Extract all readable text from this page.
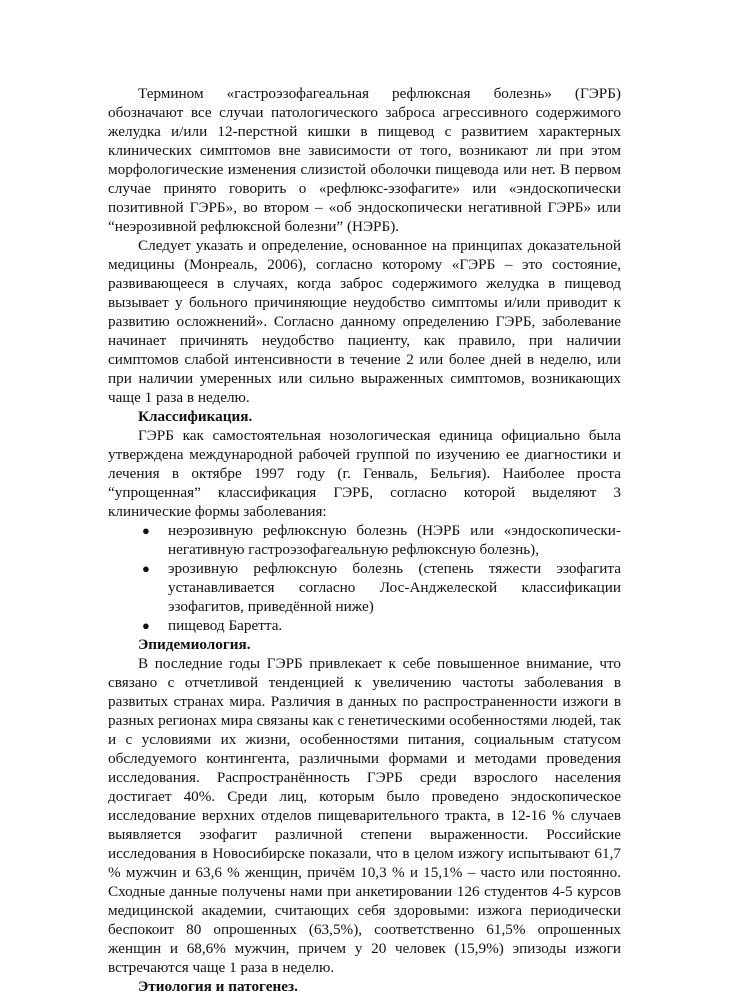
Термином «гастроэзофагеальная рефлюксная болезнь» (ГЭРБ) обозначают все случаи патологического заброса агрессивного содержимого желудка и/или 12-перстной кишки в пищевод с развитием характерных клинических симптомов вне зависимости от того, возникают ли при этом морфологические изменения слизистой оболочки пищевода или нет. В первом случае принято говорить о «рефлюкс-эзофагите» или «эндоскопически позитивной ГЭРБ», во втором – «об эндоскопически негативной ГЭРБ» или “неэрозивной рефлюксной болезни” (НЭРБ).

Следует указать и определение, основанное на принципах доказательной медицины (Монреаль, 2006), согласно которому «ГЭРБ – это состояние, развивающееся в случаях, когда заброс содержимого желудка в пищевод вызывает у больного причиняющие неудобство симптомы и/или приводит к развитию осложнений». Согласно данному определению ГЭРБ, заболевание начинает причинять неудобство пациенту, как правило, при наличии симптомов слабой интенсивности в течение 2 или более дней в неделю, или при наличии умеренных или сильно выраженных симптомов, возникающих чаще 1 раза в неделю.

Классификация.

ГЭРБ как самостоятельная нозологическая единица официально была утверждена международной рабочей группой по изучению ее диагностики и лечения в октябре 1997 году (г. Генваль, Бельгия). Наиболее проста “упрощенная” классификация ГЭРБ, согласно которой выделяют 3 клинические формы заболевания:

● неэрозивную рефлюксную болезнь (НЭРБ или «эндоскопически-негативную гастроэзофагеальную рефлюксную болезнь),
● эрозивную рефлюксную болезнь (степень тяжести эзофагита устанавливается согласно Лос-Анджелеской классификации эзофагитов, приведённой ниже)
● пищевод Баретта.

Эпидемиология.

В последние годы ГЭРБ привлекает к себе повышенное внимание, что связано с отчетливой тенденцией к увеличению частоты заболевания в развитых странах мира. Различия в данных по распространенности изжоги в разных регионах мира связаны как с генетическими особенностями людей, так и с условиями их жизни, особенностями питания, социальным статусом обследуемого контингента, различными формами и методами проведения исследования. Распространённость ГЭРБ среди взрослого населения достигает 40%. Среди лиц, которым было проведено эндоскопическое исследование верхних отделов пищеварительного тракта, в 12-16 % случаев выявляется эзофагит различной степени выраженности. Российские исследования в Новосибирске показали, что в целом изжогу испытывают 61,7 % мужчин и 63,6 % женщин, причём 10,3 % и 15,1% – часто или постоянно. Сходные данные получены нами при анкетировании 126 студентов 4-5 курсов медицинской академии, считающих себя здоровыми: изжога периодически беспокоит 80 опрошенных (63,5%), соответственно 61,5% опрошенных женщин и 68,6% мужчин, причем у 20 человек (15,9%) эпизоды изжоги встречаются чаще 1 раза в неделю.

Этиология и патогенез.
